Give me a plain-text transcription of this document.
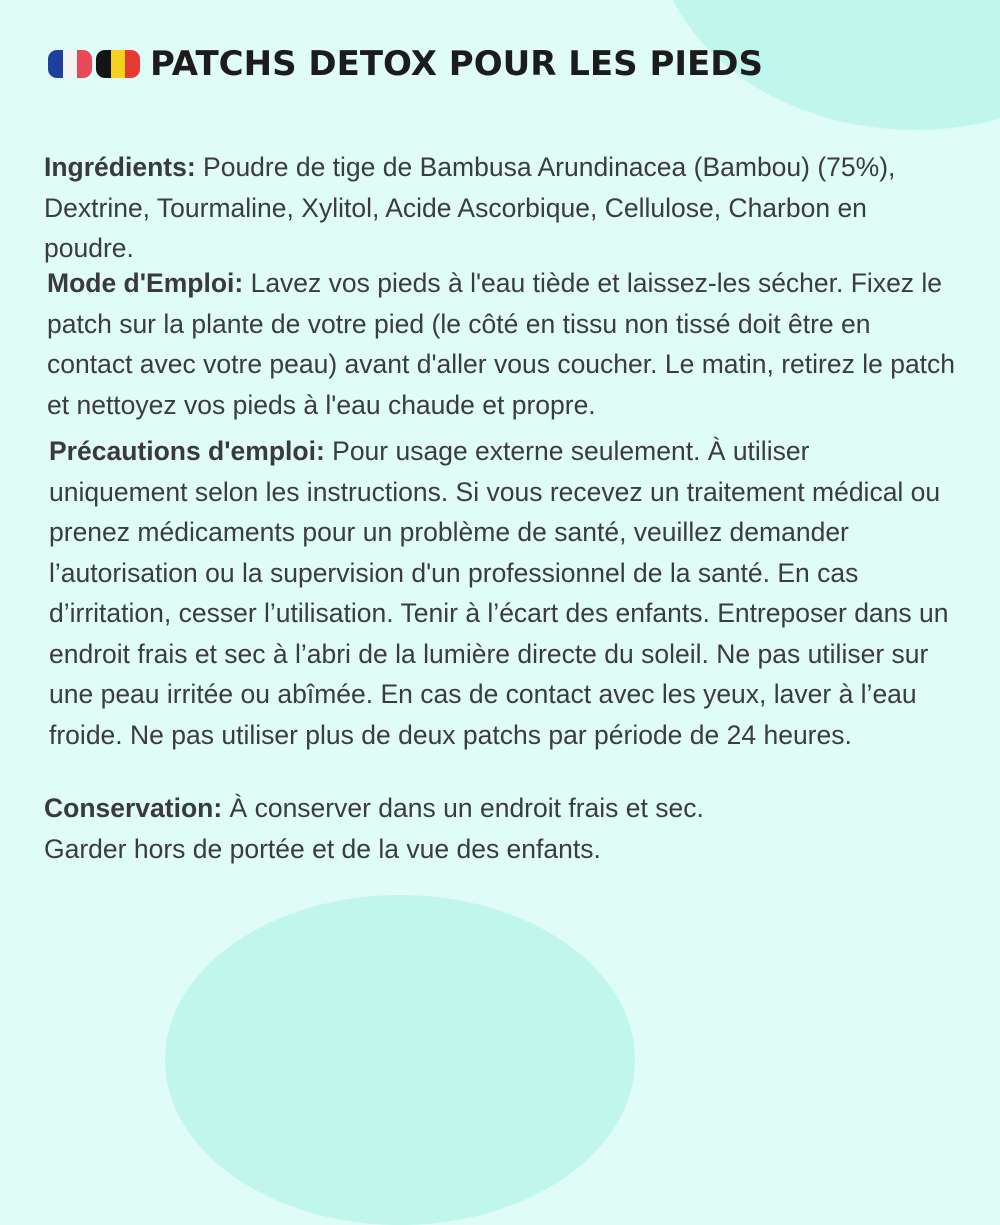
PATCHS DETOX POUR LES PIEDS

Ingrédients: Poudre de tige de Bambusa Arundinacea (Bambou) (75%), Dextrine, Tourmaline, Xylitol, Acide Ascorbique, Cellulose, Charbon en poudre.

Mode d'Emploi: Lavez vos pieds à l'eau tiède et laissez-les sécher. Fixez le patch sur la plante de votre pied (le côté en tissu non tissé doit être en contact avec votre peau) avant d'aller vous coucher. Le matin, retirez le patch et nettoyez vos pieds à l'eau chaude et propre.

Précautions d'emploi: Pour usage externe seulement. À utiliser uniquement selon les instructions. Si vous recevez un traitement médical ou prenez médicaments pour un problème de santé, veuillez demander l’autorisation ou la supervision d'un professionnel de la santé. En cas d’irritation, cesser l’utilisation. Tenir à l’écart des enfants. Entreposer dans un endroit frais et sec à l’abri de la lumière directe du soleil. Ne pas utiliser sur une peau irritée ou abîmée. En cas de contact avec les yeux, laver à l’eau froide. Ne pas utiliser plus de deux patchs par période de 24 heures.

Conservation: À conserver dans un endroit frais et sec. Garder hors de portée et de la vue des enfants.
